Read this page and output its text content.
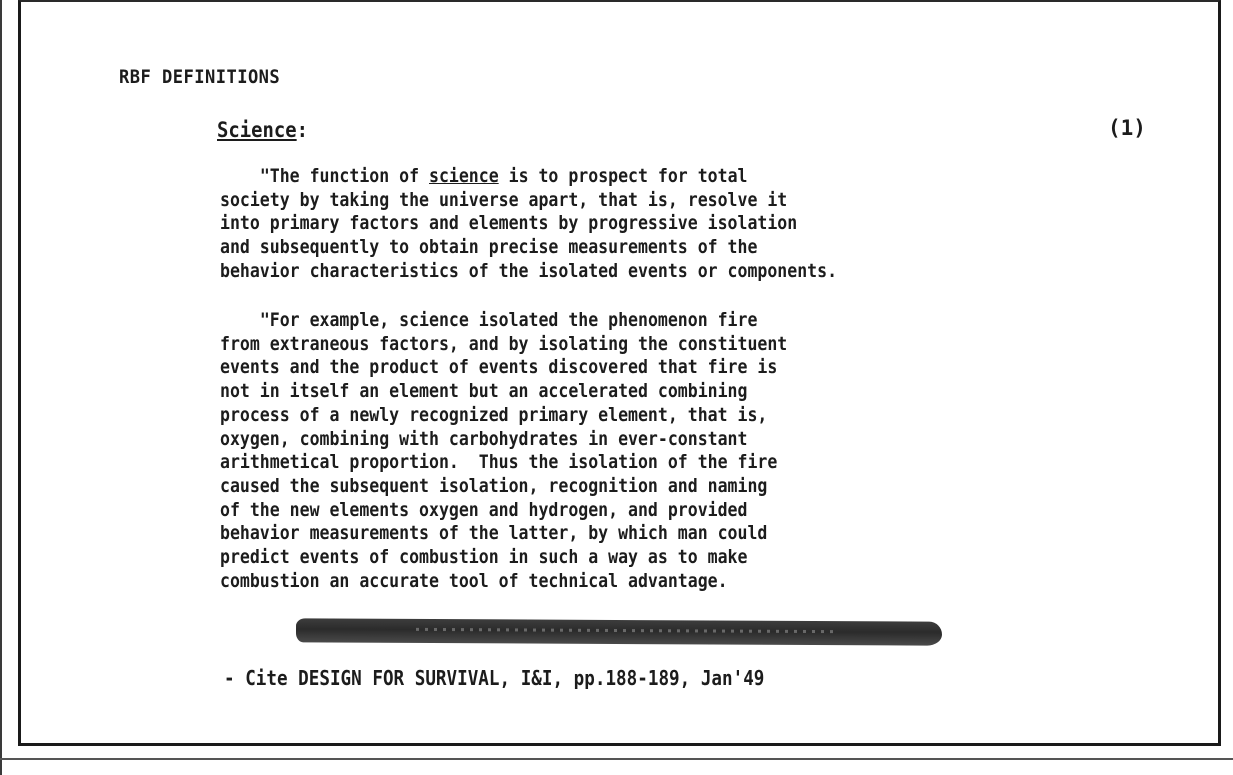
RBF DEFINITIONS
Science:	(1)
"The function of science is to prospect for total
society by taking the universe apart, that is, resolve it
into primary factors and elements by progressive isolation
and subsequently to obtain precise measurements of the
behavior characteristics of the isolated events or components.
"For example, science isolated the phenomenon fire
from extraneous factors, and by isolating the constituent
events and the product of events discovered that fire is
not in itself an element but an accelerated combining
process of a newly recognized primary element, that is,
oxygen, combining with carbohydrates in ever-constant
arithmetical proportion.  Thus the isolation of the fire
caused the subsequent isolation, recognition and naming
of the new elements oxygen and hydrogen, and provided
behavior measurements of the latter, by which man could
predict events of combustion in such a way as to make
combustion an accurate tool of technical advantage.
- Cite DESIGN FOR SURVIVAL, I&I, pp.188-189, Jan'49
